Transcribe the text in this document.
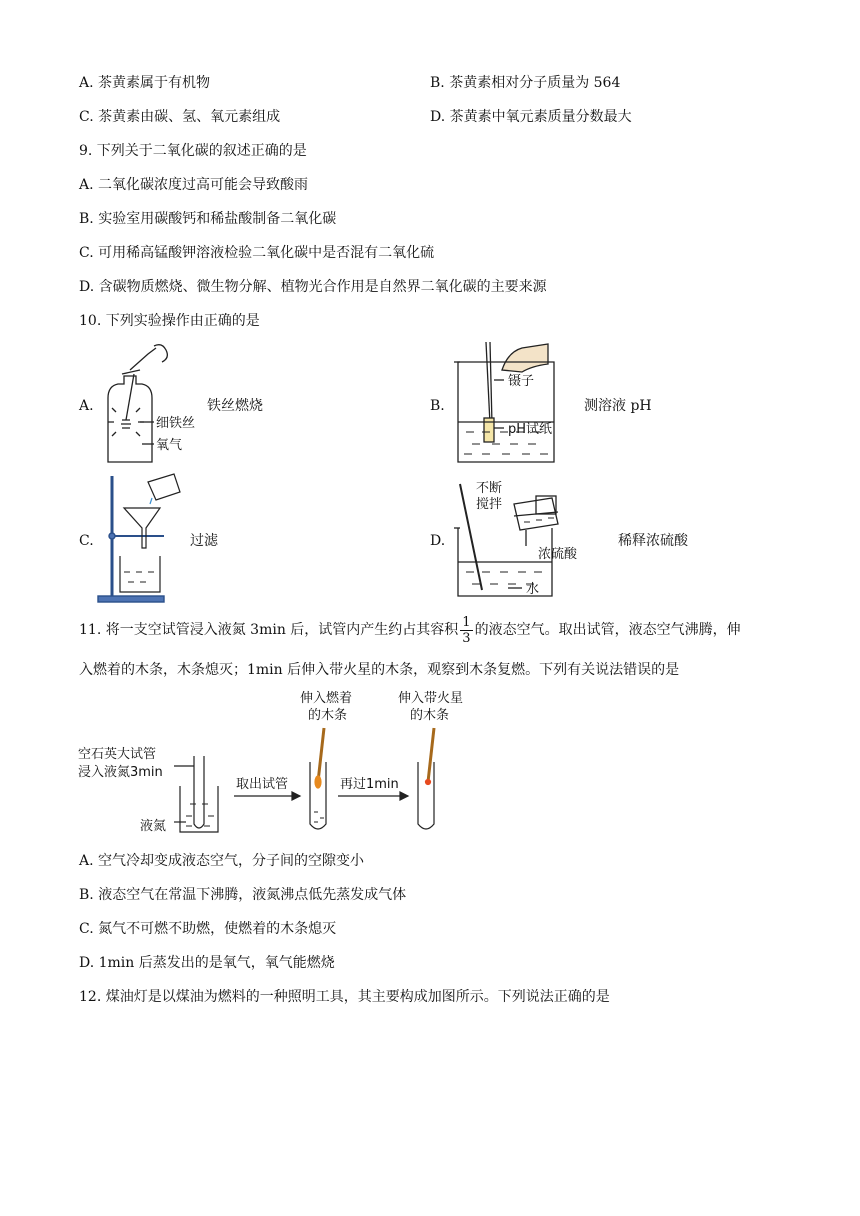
A. 茶黄素属于有机物	B. 茶黄素相对分子质量为 564
C. 茶黄素由碳、氢、氧元素组成	D. 茶黄素中氧元素质量分数最大
9. 下列关于二氧化碳的叙述正确的是
A. 二氧化碳浓度过高可能会导致酸雨
B. 实验室用碳酸钙和稀盐酸制备二氧化碳
C. 可用稀高锰酸钾溶液检验二氧化碳中是否混有二氧化硫
D. 含碳物质燃烧、微生物分解、植物光合作用是自然界二氧化碳的主要来源
10. 下列实验操作由正确的是
A.
细铁丝
氧气
铁丝燃烧	B.
镊子
pH试纸
测溶液 pH
C.	过滤	D.
不断
搅拌
浓硫酸
水
稀释浓硫酸
11. 将一支空试管浸入液氮 3min 后，试管内产生约占其容积 $\frac{1}{3}$ 的液态空气。取出试管，液态空气沸腾，伸
入燃着的木条，木条熄灭；1min 后伸入带火星的木条，观察到木条复燃。下列有关说法错误的是
空石英大试管
浸入液氮3min
液氮
取出试管	再过1min
伸入燃着
的木条
伸入带火星
的木条
A. 空气冷却变成液态空气，分子间的空隙变小
B. 液态空气在常温下沸腾，液氮沸点低先蒸发成气体
C. 氮气不可燃不助燃，使燃着的木条熄灭
D. 1min 后蒸发出的是氧气，氧气能燃烧
12. 煤油灯是以煤油为燃料的一种照明工具，其主要构成加图所示。下列说法正确的是
